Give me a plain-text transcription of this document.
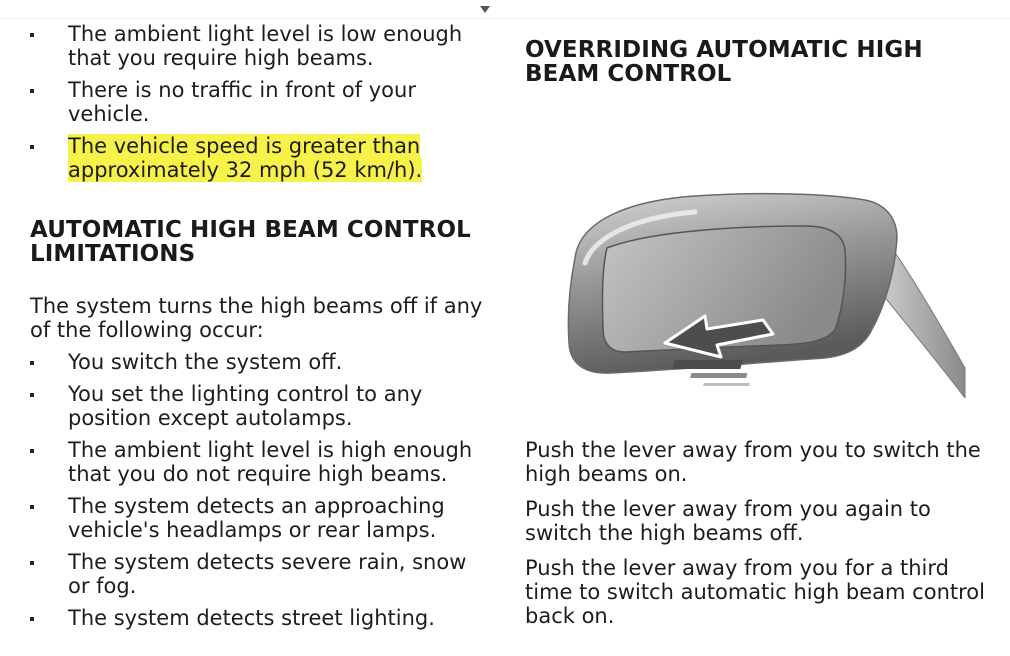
The ambient light level is low enough that you require high beams.
There is no traffic in front of your vehicle.
The vehicle speed is greater than approximately 32 mph (52 km/h).
AUTOMATIC HIGH BEAM CONTROL LIMITATIONS

The system turns the high beams off if any of the following occur:

You switch the system off.
You set the lighting control to any position except autolamps.
The ambient light level is high enough that you do not require high beams.
The system detects an approaching vehicle's headlamps or rear lamps.
The system detects severe rain, snow or fog.
The system detects street lighting.
OVERRIDING AUTOMATIC HIGH BEAM CONTROL

Push the lever away from you to switch the high beams on.

Push the lever away from you again to switch the high beams off.

Push the lever away from you for a third time to switch automatic high beam control back on.
